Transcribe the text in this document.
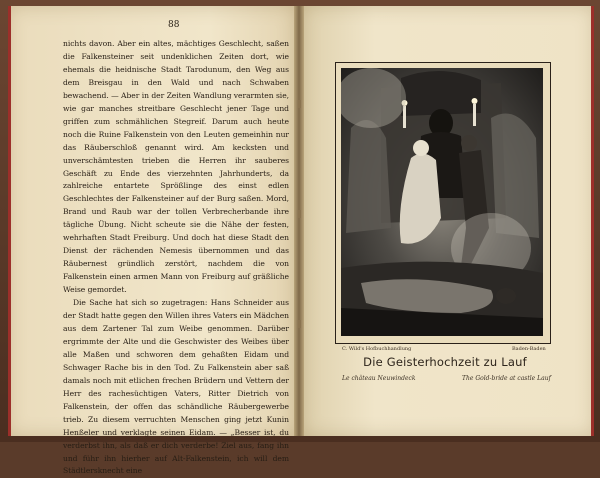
88

nichts davon. Aber ein altes, mächtiges Geschlecht, saßen die Falkensteiner seit undenklichen Zeiten dort, wie ehemals die heidnische Stadt Tarodunum, den Weg aus dem Breisgau in den Wald und nach Schwaben bewachend. — Aber in der Zeiten Wandlung verarmten sie, wie gar manches streitbare Geschlecht jener Tage und griffen zum schmählichen Stegreif. Darum auch heute noch die Ruine Falkenstein von den Leuten gemeinhin nur das Räuberschloß genannt wird. Am kecksten und unverschämtesten trieben die Herren ihr sauberes Geschäft zu Ende des vierzehnten Jahrhunderts, da zahlreiche entartete Sprößlinge des einst edlen Geschlechtes der Falkensteiner auf der Burg saßen. Mord, Brand und Raub war der tollen Verbrecherbande ihre tägliche Übung. Nicht scheute sie die Nähe der festen, wehrhaften Stadt Freiburg. Und doch hat diese Stadt den Dienst der rächenden Nemesis übernommen und das Räubernest gründlich zerstört, nachdem die von Falkenstein einen armen Mann von Freiburg auf gräßliche Weise gemordet.

Die Sache hat sich so zugetragen: Hans Schneider aus der Stadt hatte gegen den Willen ihres Vaters ein Mädchen aus dem Zartener Tal zum Weibe genommen. Darüber ergrimmte der Alte und die Geschwister des Weibes über alle Maßen und schworen dem gehaßten Eidam und Schwager Rache bis in den Tod. Zu Falkenstein aber saß damals noch mit etlichen frechen Brüdern und Vettern der Herr des rachesüchtigen Vaters, Ritter Dietrich von Falkenstein, der offen das schändliche Räubergewerbe trieb. Zu diesem verruchten Menschen ging jetzt Kunin Henßeler und verklagte seinen Eidam. — „Besser ist, du verderbst ihn, als daß er dich verderbe! Ziel aus, fang ihn und führ ihn hierher auf Alt-Falkenstein, ich will dem Städtlersknecht eine

C. Wild's Hofbuchhandlung	Baden-Baden
Die Geisterhochzeit zu Lauf
Le château Neuwindeck	The Gold-bride at castle Lauf
